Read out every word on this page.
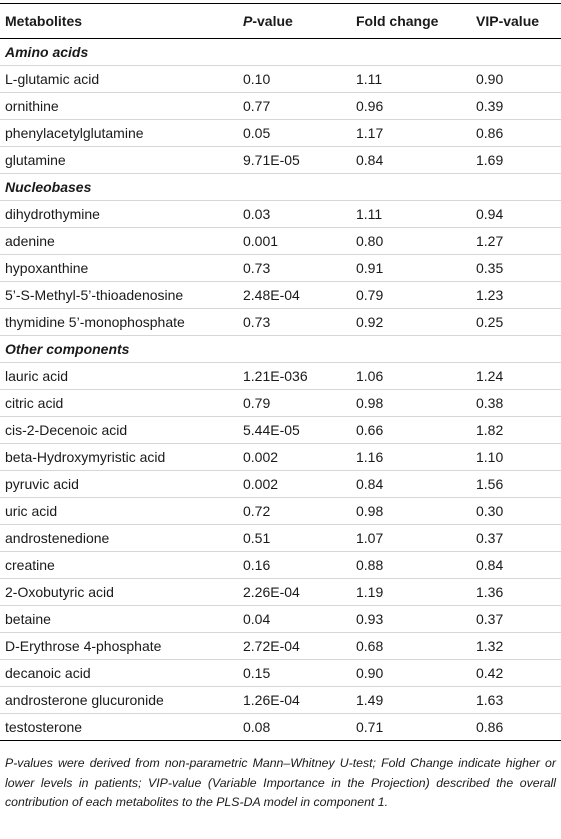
Metabolites	P-value	Fold change	VIP-value
Amino acids			
L-glutamic acid	0.10	1.11	0.90
ornithine	0.77	0.96	0.39
phenylacetylglutamine	0.05	1.17	0.86
glutamine	9.71E-05	0.84	1.69
Nucleobases			
dihydrothymine	0.03	1.11	0.94
adenine	0.001	0.80	1.27
hypoxanthine	0.73	0.91	0.35
5’-S-Methyl-5’-thioadenosine	2.48E-04	0.79	1.23
thymidine 5’-monophosphate	0.73	0.92	0.25
Other components			
lauric acid	1.21E-036	1.06	1.24
citric acid	0.79	0.98	0.38
cis-2-Decenoic acid	5.44E-05	0.66	1.82
beta-Hydroxymyristic acid	0.002	1.16	1.10
pyruvic acid	0.002	0.84	1.56
uric acid	0.72	0.98	0.30
androstenedione	0.51	1.07	0.37
creatine	0.16	0.88	0.84
2-Oxobutyric acid	2.26E-04	1.19	1.36
betaine	0.04	0.93	0.37
D-Erythrose 4-phosphate	2.72E-04	0.68	1.32
decanoic acid	0.15	0.90	0.42
androsterone glucuronide	1.26E-04	1.49	1.63
testosterone	0.08	0.71	0.86
P-values were derived from non-parametric Mann–Whitney U-test; Fold Change indicate higher or lower levels in patients; VIP-value (Variable Importance in the Projection) described the overall contribution of each metabolites to the PLS-DA model in component 1.
